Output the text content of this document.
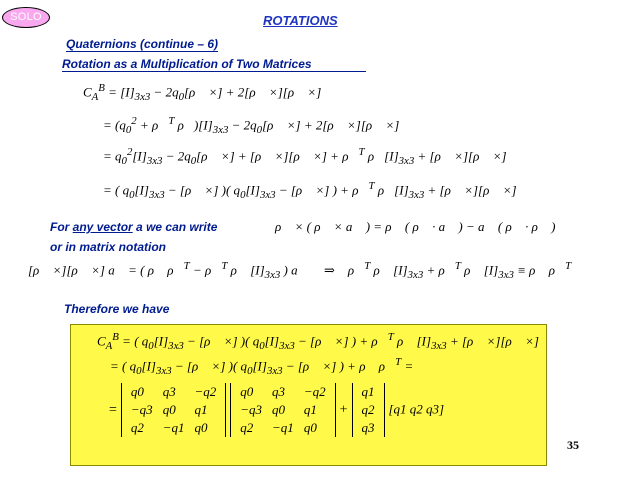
SOLO	ROTATIONS
Quaternions (continue – 6)
Rotation as a Multiplication of Two Matrices
$C_A^B = [I]_{3x3}$ − $2q_0[\rho⃗$ ×] + 2[ρ⃗ ×][ρ⃗ ×]
= ($q_0^2$ + ρ⃗$^T$ $\rho⃗)[I]_{3x3}$ − $2q_0[\rho⃗$ ×] + 2[ρ⃗ ×][ρ⃗ ×]
= $q_0^2[I]_{3x3}$ − $2q_0[\rho⃗$ ×] + [ρ⃗ ×][ρ⃗ ×] + ρ⃗$^T$ $\rho⃗[I]_{3x3}$ + [ρ⃗ ×][ρ⃗ ×]
= ( $q_0[I]_{3x3}$ − [ρ⃗ ×] )( $q_0[I]_{3x3}$ − [ρ⃗ ×] ) + ρ⃗$^T$ $\rho⃗[I]_{3x3}$ + [ρ⃗ ×][ρ⃗ ×]
For any vector a we can write	ρ⃗ × ( ρ⃗ × a⃗ ) = ρ⃗ ( ρ⃗ · a⃗ ) − a⃗ ( ρ⃗ · ρ⃗ )
or in matrix notation
[ρ⃗ ×][ρ⃗ ×] a⃗ = ( ρ⃗ ρ⃗$^T$ − ρ⃗$^T$ ρ⃗ $[I]_{3x3}$ ) a⃗     ⇒    ρ⃗$^T$ ρ⃗ $[I]_{3x3}$ + ρ⃗$^T$ ρ⃗ $[I]_{3x3}$ ≡ ρ⃗ ρ⃗$^T$
Therefore we have
$C_A^B$ = ( $q_0[I]_{3x3}$ − [ρ⃗ ×] )( $q_0[I]_{3x3}$ − [ρ⃗ ×] ) + ρ⃗$^T$ ρ⃗ $[I]_{3x3}$ + [ρ⃗ ×][ρ⃗ ×]
= ( $q_0[I]_{3x3}$ − [ρ⃗ ×] )( $q_0[I]_{3x3}$ − [ρ⃗ ×] ) + ρ⃗ ρ⃗$^T$ =
=
q0	q3	−q2
−q3	q0	q1
q2	−q1	q0

q0	q3	−q2
−q3	q0	q1
q2	−q1	q0
+
q1
q2
q3
[q1 q2 q3]
35
